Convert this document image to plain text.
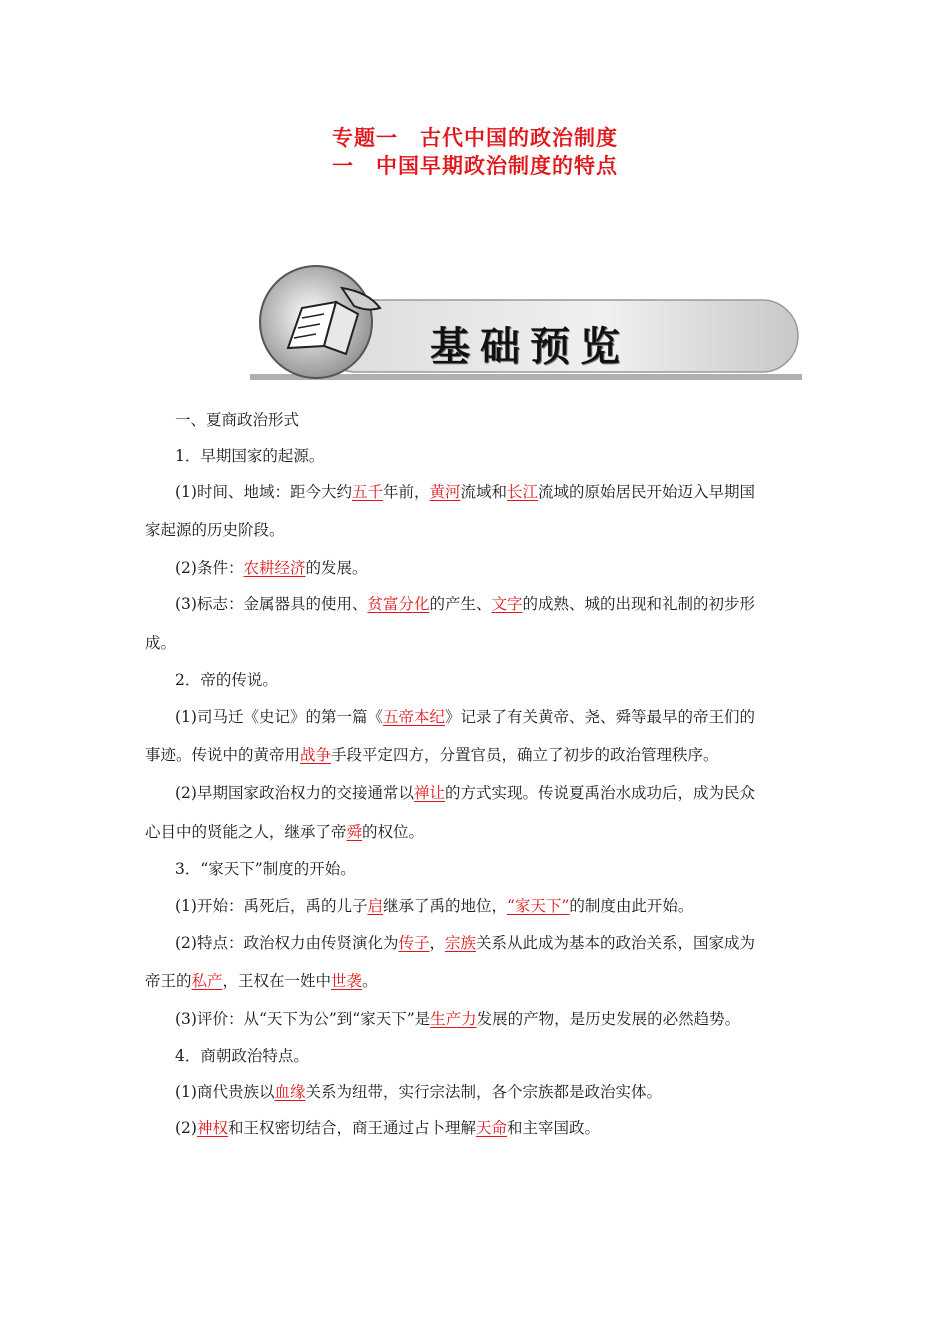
专题一　古代中国的政治制度
一　中国早期政治制度的特点
基础预览
一、夏商政治形式
1．早期国家的起源。
(1)时间、地域：距今大约五千年前，黄河流域和长江流域的原始居民开始迈入早期国
家起源的历史阶段。
(2)条件：农耕经济的发展。
(3)标志：金属器具的使用、贫富分化的产生、文字的成熟、城的出现和礼制的初步形
成。
2．帝的传说。
(1)司马迁《史记》的第一篇《五帝本纪》记录了有关黄帝、尧、舜等最早的帝王们的
事迹。传说中的黄帝用战争手段平定四方，分置官员，确立了初步的政治管理秩序。
(2)早期国家政治权力的交接通常以禅让的方式实现。传说夏禹治水成功后，成为民众
心目中的贤能之人，继承了帝舜的权位。
3．“家天下”制度的开始。
(1)开始：禹死后，禹的儿子启继承了禹的地位，“家天下”的制度由此开始。
(2)特点：政治权力由传贤演化为传子，宗族关系从此成为基本的政治关系，国家成为
帝王的私产，王权在一姓中世袭。
(3)评价：从“天下为公”到“家天下”是生产力发展的产物，是历史发展的必然趋势。
4．商朝政治特点。
(1)商代贵族以血缘关系为纽带，实行宗法制，各个宗族都是政治实体。
(2)神权和王权密切结合，商王通过占卜理解天命和主宰国政。
